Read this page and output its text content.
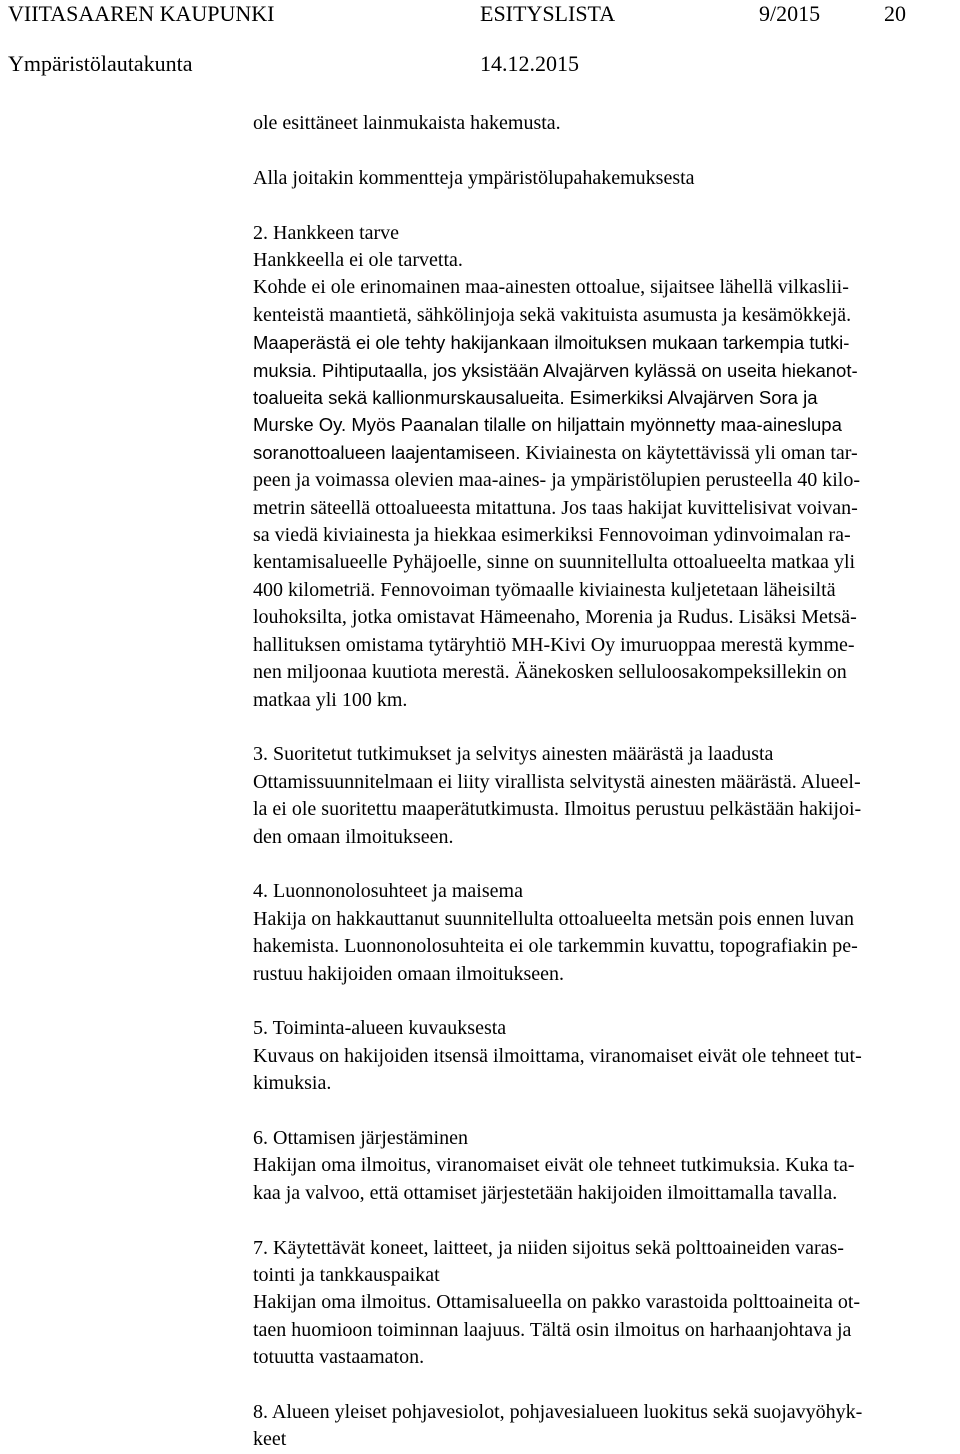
VIITASAAREN KAUPUNKI	ESITYSLISTA	9/2015	20
Ympäristölautakunta	14.12.2015
ole esittäneet lainmukaista hakemusta.
Alla joitakin kommentteja ympäristölupahakemuksesta
2. Hankkeen tarve
Hankkeella ei ole tarvetta.
Kohde ei ole erinomainen maa-ainesten ottoalue, sijaitsee lähellä vilkaslii-
kenteistä maantietä, sähkölinjoja sekä vakituista asumusta ja kesämökkejä.
Maaperästä ei ole tehty hakijankaan ilmoituksen mukaan tarkempia tutki-
muksia. Pihtiputaalla, jos yksistään Alvajärven kylässä on useita hiekanot-
toalueita sekä kallionmurskausalueita. Esimerkiksi Alvajärven Sora ja
Murske Oy. Myös Paanalan tilalle on hiljattain myönnetty maa-aineslupa
soranottoalueen laajentamiseen. Kiviainesta on käytettävissä yli oman tar-
peen ja voimassa olevien maa-aines- ja ympäristölupien perusteella 40 kilo-
metrin säteellä ottoalueesta mitattuna. Jos taas hakijat kuvittelisivat voivan-
sa viedä kiviainesta ja hiekkaa esimerkiksi Fennovoiman ydinvoimalan ra-
kentamisalueelle Pyhäjoelle, sinne on suunnitellulta ottoalueelta matkaa yli
400 kilometriä. Fennovoiman työmaalle kiviainesta kuljetetaan läheisiltä
louhoksilta, jotka omistavat Hämeenaho, Morenia ja Rudus. Lisäksi Metsä-
hallituksen omistama tytäryhtiö MH-Kivi Oy imuruoppaa merestä kymme-
nen miljoonaa kuutiota merestä. Äänekosken selluloosakompeksillekin on
matkaa yli 100 km.
3. Suoritetut tutkimukset ja selvitys ainesten määrästä ja laadusta
Ottamissuunnitelmaan ei liity virallista selvitystä ainesten määrästä. Alueel-
la ei ole suoritettu maaperätutkimusta. Ilmoitus perustuu pelkästään hakijoi-
den omaan ilmoitukseen.
4. Luonnonolosuhteet ja maisema
Hakija on hakkauttanut suunnitellulta ottoalueelta metsän pois ennen luvan
hakemista. Luonnonolosuhteita ei ole tarkemmin kuvattu, topografiakin pe-
rustuu hakijoiden omaan ilmoitukseen.
5. Toiminta-alueen kuvauksesta
Kuvaus on hakijoiden itsensä ilmoittama, viranomaiset eivät ole tehneet tut-
kimuksia.
6. Ottamisen järjestäminen
Hakijan oma ilmoitus, viranomaiset eivät ole tehneet tutkimuksia. Kuka ta-
kaa ja valvoo, että ottamiset järjestetään hakijoiden ilmoittamalla tavalla.
7. Käytettävät koneet, laitteet, ja niiden sijoitus sekä polttoaineiden varas-
tointi ja tankkauspaikat
Hakijan oma ilmoitus. Ottamisalueella on pakko varastoida polttoaineita ot-
taen huomioon toiminnan laajuus. Tältä osin ilmoitus on harhaanjohtava ja
totuutta vastaamaton.
8. Alueen yleiset pohjavesiolot, pohjavesialueen luokitus sekä suojavyöhyk-
keet
